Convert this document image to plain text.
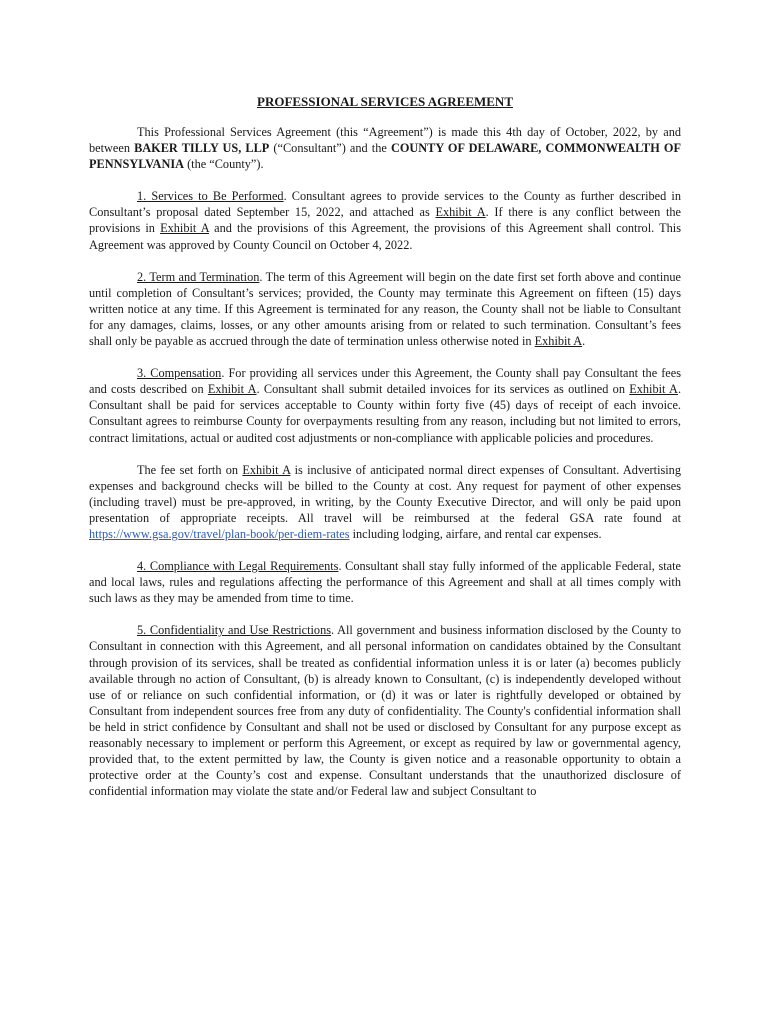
PROFESSIONAL SERVICES AGREEMENT

This Professional Services Agreement (this “Agreement”) is made this 4th day of October, 2022, by and between BAKER TILLY US, LLP (“Consultant”) and the COUNTY OF DELAWARE, COMMONWEALTH OF PENNSYLVANIA (the “County”).

1. Services to Be Performed. Consultant agrees to provide services to the County as further described in Consultant’s proposal dated September 15, 2022, and attached as Exhibit A. If there is any conflict between the provisions in Exhibit A and the provisions of this Agreement, the provisions of this Agreement shall control. This Agreement was approved by County Council on October 4, 2022.

2. Term and Termination. The term of this Agreement will begin on the date first set forth above and continue until completion of Consultant’s services; provided, the County may terminate this Agreement on fifteen (15) days written notice at any time. If this Agreement is terminated for any reason, the County shall not be liable to Consultant for any damages, claims, losses, or any other amounts arising from or related to such termination. Consultant’s fees shall only be payable as accrued through the date of termination unless otherwise noted in Exhibit A.

3. Compensation. For providing all services under this Agreement, the County shall pay Consultant the fees and costs described on Exhibit A. Consultant shall submit detailed invoices for its services as outlined on Exhibit A. Consultant shall be paid for services acceptable to County within forty five (45) days of receipt of each invoice. Consultant agrees to reimburse County for overpayments resulting from any reason, including but not limited to errors, contract limitations, actual or audited cost adjustments or non-compliance with applicable policies and procedures.

The fee set forth on Exhibit A is inclusive of anticipated normal direct expenses of Consultant. Advertising expenses and background checks will be billed to the County at cost. Any request for payment of other expenses (including travel) must be pre-approved, in writing, by the County Executive Director, and will only be paid upon presentation of appropriate receipts. All travel will be reimbursed at the federal GSA rate found at https://www.gsa.gov/travel/plan-book/per-diem-rates including lodging, airfare, and rental car expenses.

4. Compliance with Legal Requirements. Consultant shall stay fully informed of the applicable Federal, state and local laws, rules and regulations affecting the performance of this Agreement and shall at all times comply with such laws as they may be amended from time to time.

5. Confidentiality and Use Restrictions. All government and business information disclosed by the County to Consultant in connection with this Agreement, and all personal information on candidates obtained by the Consultant through provision of its services, shall be treated as confidential information unless it is or later (a) becomes publicly available through no action of Consultant, (b) is already known to Consultant, (c) is independently developed without use of or reliance on such confidential information, or (d) it was or later is rightfully developed or obtained by Consultant from independent sources free from any duty of confidentiality. The County's confidential information shall be held in strict confidence by Consultant and shall not be used or disclosed by Consultant for any purpose except as reasonably necessary to implement or perform this Agreement, or except as required by law or governmental agency, provided that, to the extent permitted by law, the County is given notice and a reasonable opportunity to obtain a protective order at the County’s cost and expense. Consultant understands that the unauthorized disclosure of confidential information may violate the state and/or Federal law and subject Consultant to
